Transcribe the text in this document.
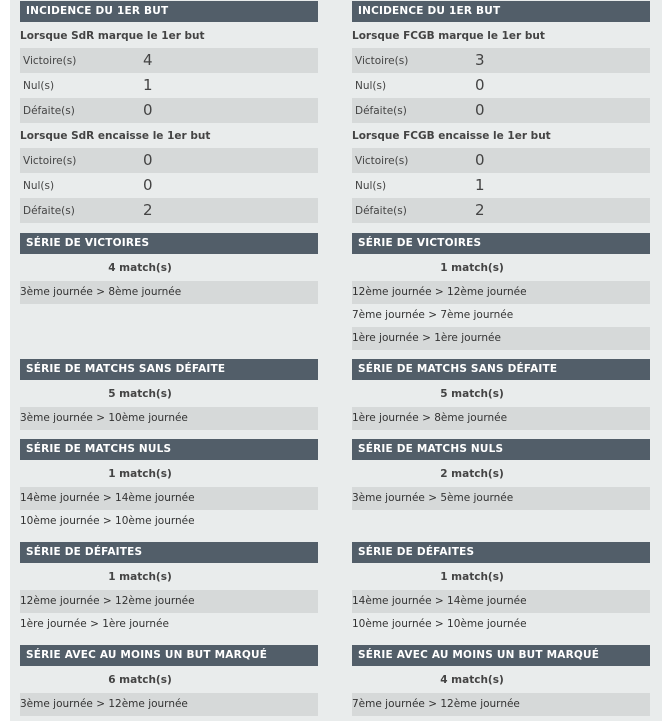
INCIDENCE DU 1ER BUT
Lorsque SdR marque le 1er but
Victoire(s)	4
Nul(s)	1
Défaite(s)	0
Lorsque SdR encaisse le 1er but
Victoire(s)	0
Nul(s)	0
Défaite(s)	2
SÉRIE DE VICTOIRES
4 match(s)
3ème journée > 8ème journée
SÉRIE DE MATCHS SANS DÉFAITE
5 match(s)
3ème journée > 10ème journée
SÉRIE DE MATCHS NULS
1 match(s)
14ème journée > 14ème journée
10ème journée > 10ème journée
SÉRIE DE DÉFAITES
1 match(s)
12ème journée > 12ème journée
1ère journée > 1ère journée
SÉRIE AVEC AU MOINS UN BUT MARQUÉ
6 match(s)
3ème journée > 12ème journée
INCIDENCE DU 1ER BUT
Lorsque FCGB marque le 1er but
Victoire(s)	3
Nul(s)	0
Défaite(s)	0
Lorsque FCGB encaisse le 1er but
Victoire(s)	0
Nul(s)	1
Défaite(s)	2
SÉRIE DE VICTOIRES
1 match(s)
12ème journée > 12ème journée
7ème journée > 7ème journée
1ère journée > 1ère journée
SÉRIE DE MATCHS SANS DÉFAITE
5 match(s)
1ère journée > 8ème journée
SÉRIE DE MATCHS NULS
2 match(s)
3ème journée > 5ème journée
SÉRIE DE DÉFAITES
1 match(s)
14ème journée > 14ème journée
10ème journée > 10ème journée
SÉRIE AVEC AU MOINS UN BUT MARQUÉ
4 match(s)
7ème journée > 12ème journée
